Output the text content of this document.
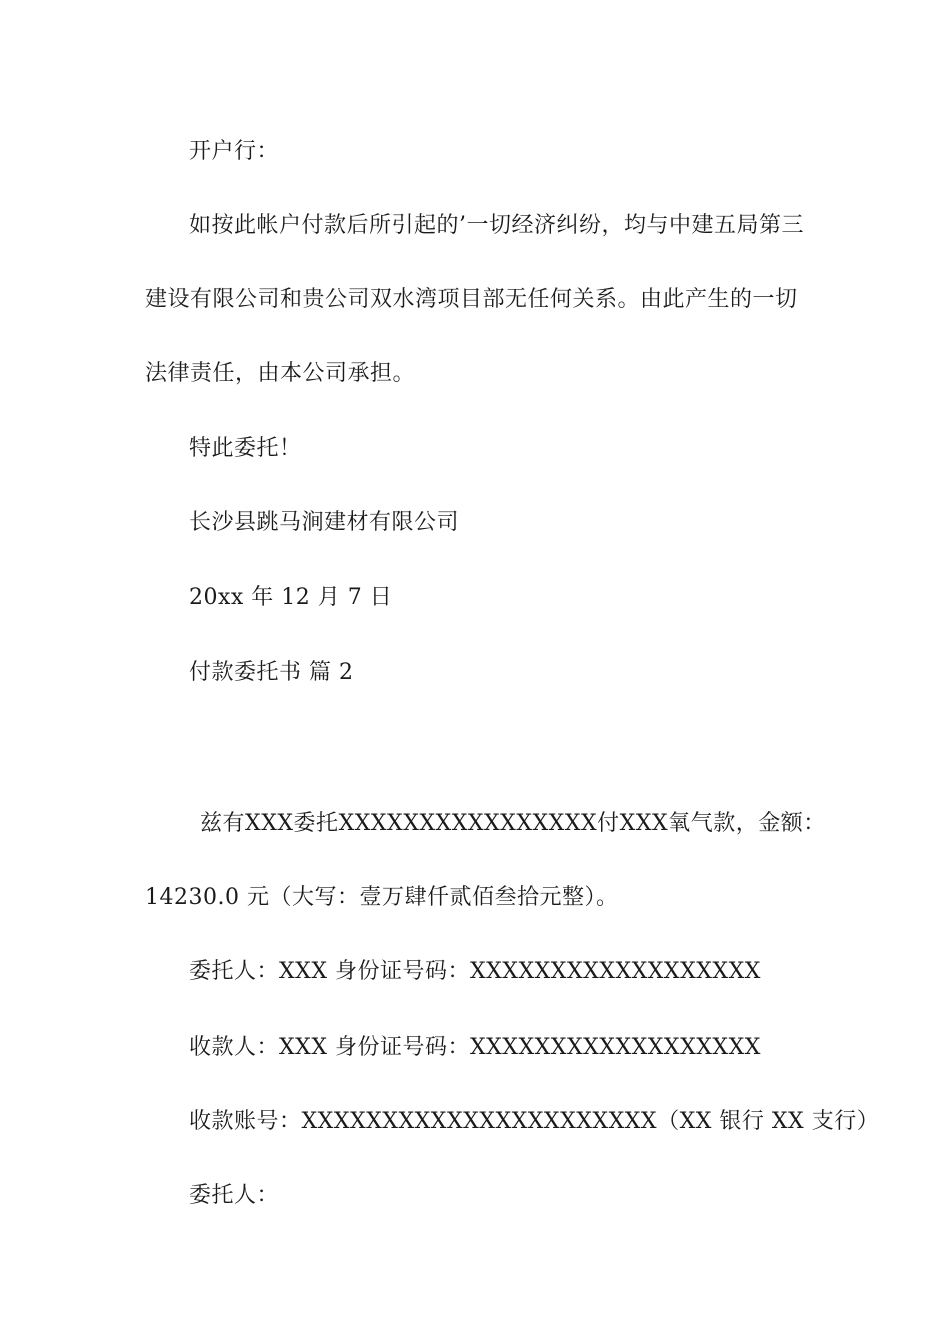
开户行：
如按此帐户付款后所引起的’一切经济纠纷，均与中建五局第三
建设有限公司和贵公司双水湾项目部无任何关系。由此产生的一切
法律责任，由本公司承担。
特此委托！
长沙县跳马涧建材有限公司
20xx 年 12 月 7 日
付款委托书 篇 2
兹 有 XXX 委 托 XXXXXXXXXXXXXXXX 付 XXX 氧 气 款 ， 金 额 ：
14230.0 元（大写：壹万肆仟贰佰叁拾元整）。
委托人：XXX 身份证号码：XXXXXXXXXXXXXXXXXX
收款人：XXX 身份证号码：XXXXXXXXXXXXXXXXXX
收款账号：XXXXXXXXXXXXXXXXXXXXXX（XX 银行 XX 支行）
委托人：
